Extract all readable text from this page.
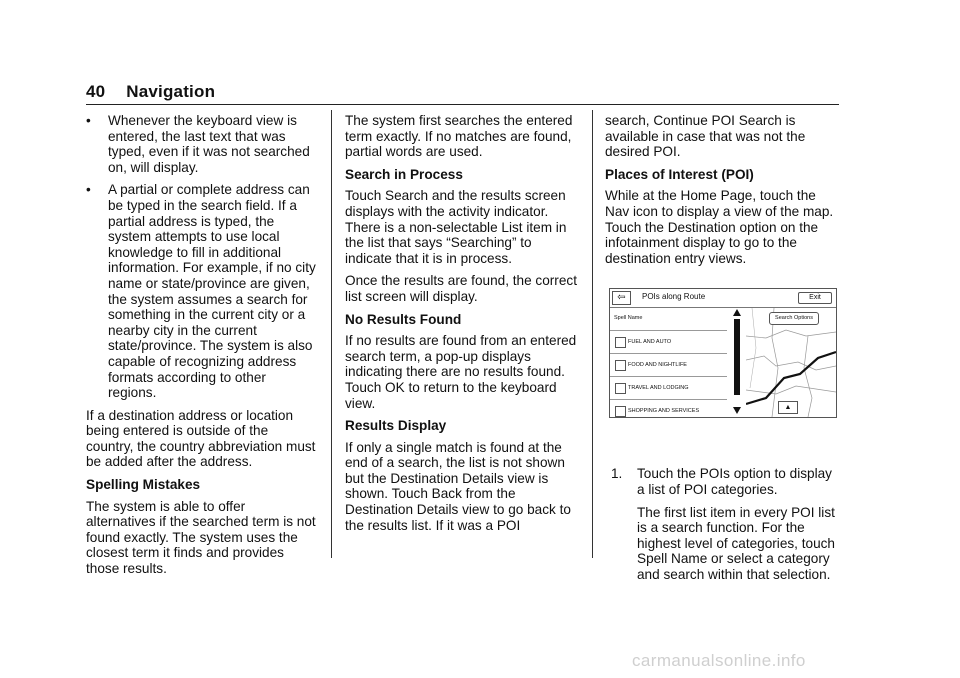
40 Navigation
•	Whenever the keyboard view is entered, the last text that was typed, even if it was not searched on, will display.
•	A partial or complete address can be typed in the search field. If a partial address is typed, the system attempts to use local knowledge to fill in additional information. For example, if no city name or state/province are given, the system assumes a search for something in the current city or a nearby city in the current state/province. The system is also capable of recognizing address formats according to other regions.

If a destination address or location being entered is outside of the country, the country abbreviation must be added after the address.

Spelling Mistakes

The system is able to offer alternatives if the searched term is not found exactly. The system uses the closest term it finds and provides those results.

The system first searches the entered term exactly. If no matches are found, partial words are used.

Search in Process

Touch Search and the results screen displays with the activity indicator. There is a non-selectable List item in the list that says “Searching” to indicate that it is in process.

Once the results are found, the correct list screen will display.

No Results Found

If no results are found from an entered search term, a pop-up displays indicating there are no results found. Touch OK to return to the keyboard view.

Results Display

If only a single match is found at the end of a search, the list is not shown but the Destination Details view is shown. Touch Back from the Destination Details view to go back to the results list. If it was a POI

search, Continue POI Search is available in case that was not the desired POI.

Places of Interest (POI)

While at the Home Page, touch the Nav icon to display a view of the map. Touch the Destination option on the infotainment display to go to the destination entry views.

1.	Touch the POIs option to display a list of POI categories.
The first list item in every POI list is a search function. For the highest level of categories, touch Spell Name or select a category and search within that selection.
⇦	POIs along Route	Exit
Spell Name
FUEL AND AUTO
FOOD AND NIGHTLIFE
TRAVEL AND LODGING
SHOPPING AND SERVICES
Search Options
▲
carmanualsonline.info
